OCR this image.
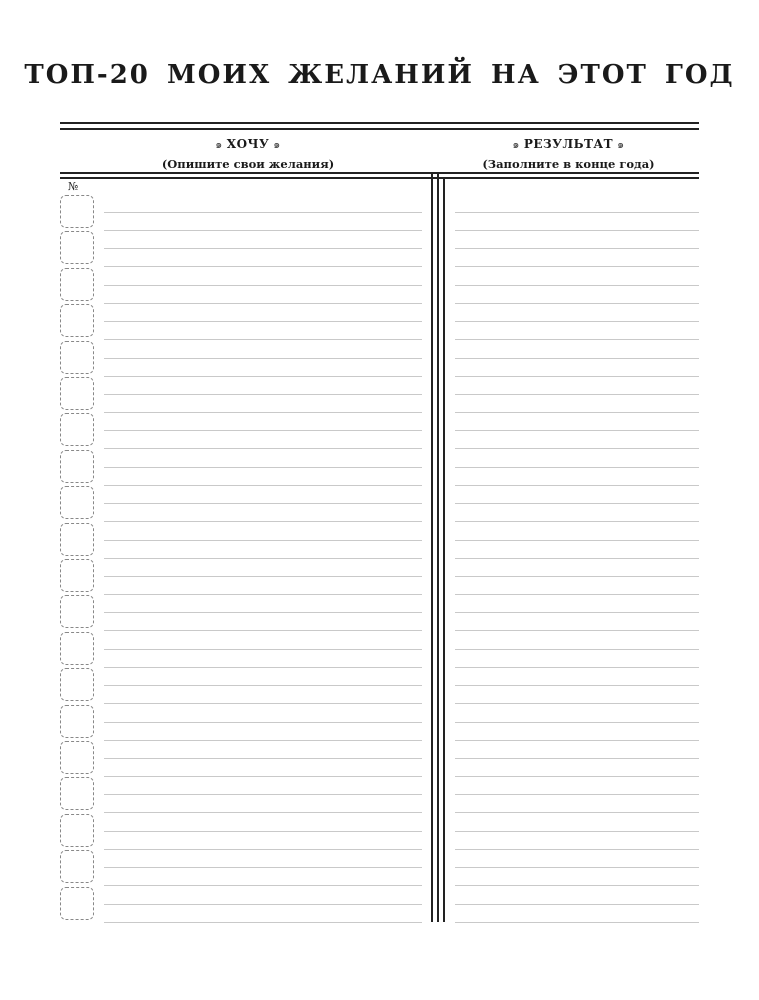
ТОП-20 МОИХ ЖЕЛАНИЙ НА ЭТОТ ГОД
๑ ХОЧУ ๑
(Опишите свои желания)
๑ РЕЗУЛЬТАТ ๑
(Заполните в конце года)
№
